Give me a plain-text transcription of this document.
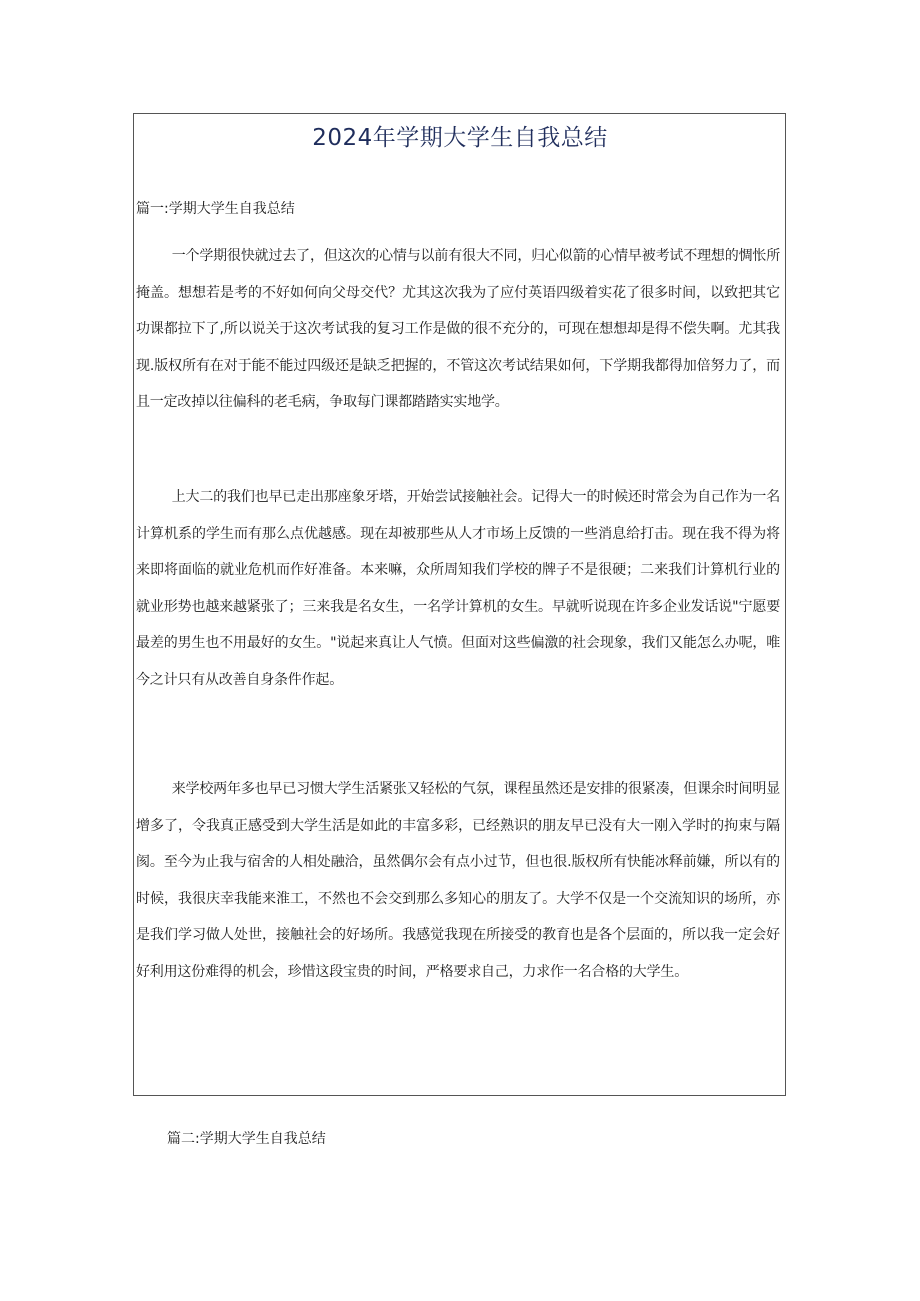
2024年学期大学生自我总结

篇一:学期大学生自我总结

一个学期很快就过去了，但这次的心情与以前有很大不同，归心似箭的心情早被考试不理想的惆怅所掩盖。想想若是考的不好如何向父母交代？尤其这次我为了应付英语四级着实花了很多时间，以致把其它功课都拉下了,所以说关于这次考试我的复习工作是做的很不充分的，可现在想想却是得不偿失啊。尤其我现.版权所有在对于能不能过四级还是缺乏把握的，不管这次考试结果如何，下学期我都得加倍努力了，而且一定改掉以往偏科的老毛病，争取每门课都踏踏实实地学。

上大二的我们也早已走出那座象牙塔，开始尝试接触社会。记得大一的时候还时常会为自己作为一名计算机系的学生而有那么点优越感。现在却被那些从人才市场上反馈的一些消息给打击。现在我不得为将来即将面临的就业危机而作好准备。本来嘛，众所周知我们学校的牌子不是很硬；二来我们计算机行业的就业形势也越来越紧张了；三来我是名女生，一名学计算机的女生。早就听说现在许多企业发话说"宁愿要最差的男生也不用最好的女生。"说起来真让人气愤。但面对这些偏激的社会现象，我们又能怎么办呢，唯今之计只有从改善自身条件作起。

来学校两年多也早已习惯大学生活紧张又轻松的气氛，课程虽然还是安排的很紧凑，但课余时间明显增多了，令我真正感受到大学生活是如此的丰富多彩，已经熟识的朋友早已没有大一刚入学时的拘束与隔阂。至今为止我与宿舍的人相处融洽，虽然偶尔会有点小过节，但也很.版权所有快能冰释前嫌，所以有的时候，我很庆幸我能来淮工，不然也不会交到那么多知心的朋友了。大学不仅是一个交流知识的场所，亦是我们学习做人处世，接触社会的好场所。我感觉我现在所接受的教育也是各个层面的，所以我一定会好好利用这份难得的机会，珍惜这段宝贵的时间，严格要求自己，力求作一名合格的大学生。

篇二:学期大学生自我总结
